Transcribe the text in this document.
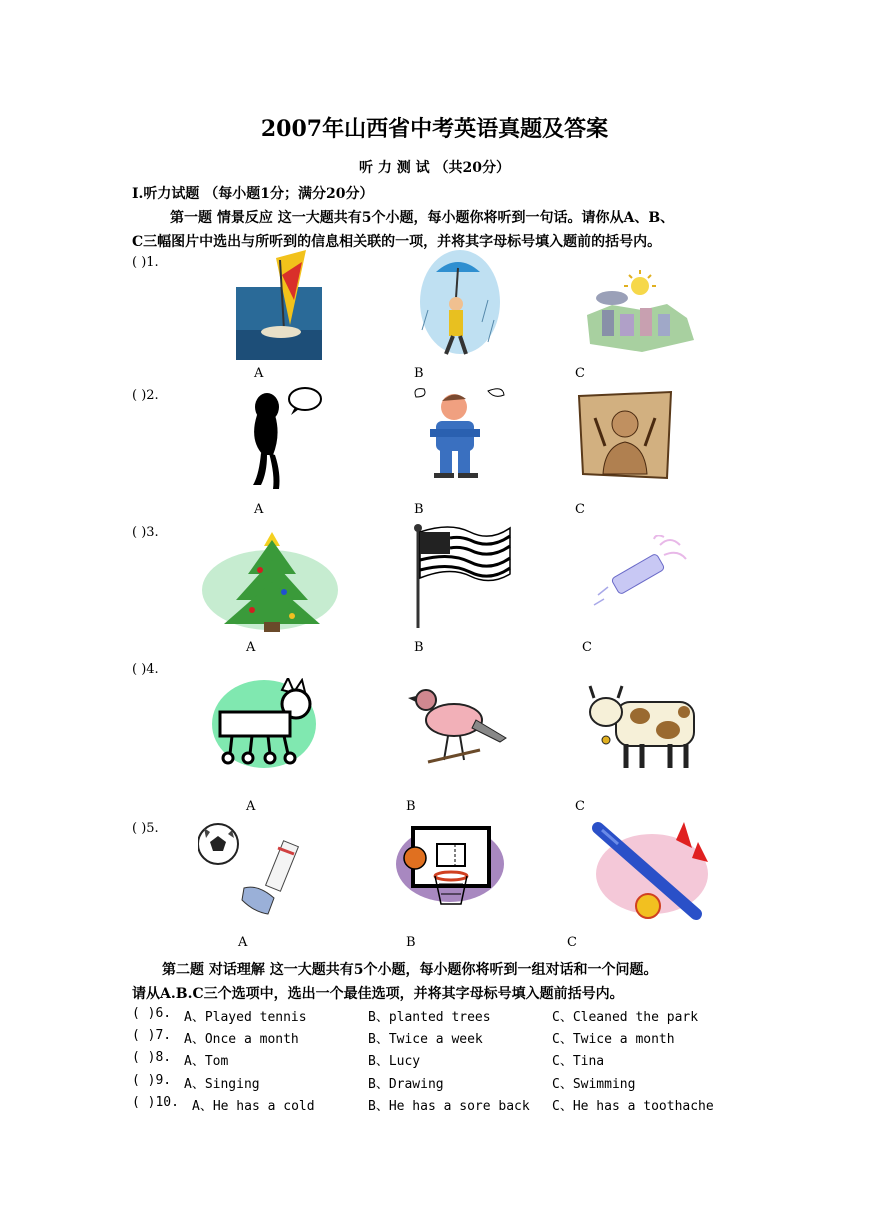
2007年山西省中考英语真题及答案
听 力 测 试 （共20分）
I.听力试题 （每小题1分；满分20分）
第一题 情景反应 这一大题共有5个小题，每小题你将听到一句话。请你从A、B、
C三幅图片中选出与所听到的信息相关联的一项，并将其字母标号填入题前的括号内。
( )1.
A	B	C
( )2.
A	B	C
( )3.
A	B	C
( )4.
A	B	C
( )5.
A	B	C
第二题 对话理解 这一大题共有5个小题，每小题你将听到一组对话和一个问题。
请从A.B.C三个选项中，选出一个最佳选项，并将其字母标号填入题前括号内。
( )6. A、Played tennis	B、planted trees	C、Cleaned the park
( )7. A、Once a month	B、Twice a week	C、Twice a month
( )8. A、Tom	B、Lucy	C、Tina
( )9. A、Singing	B、Drawing	C、Swimming
( )10. A、He has a cold	B、He has a sore back C、He has a toothache
